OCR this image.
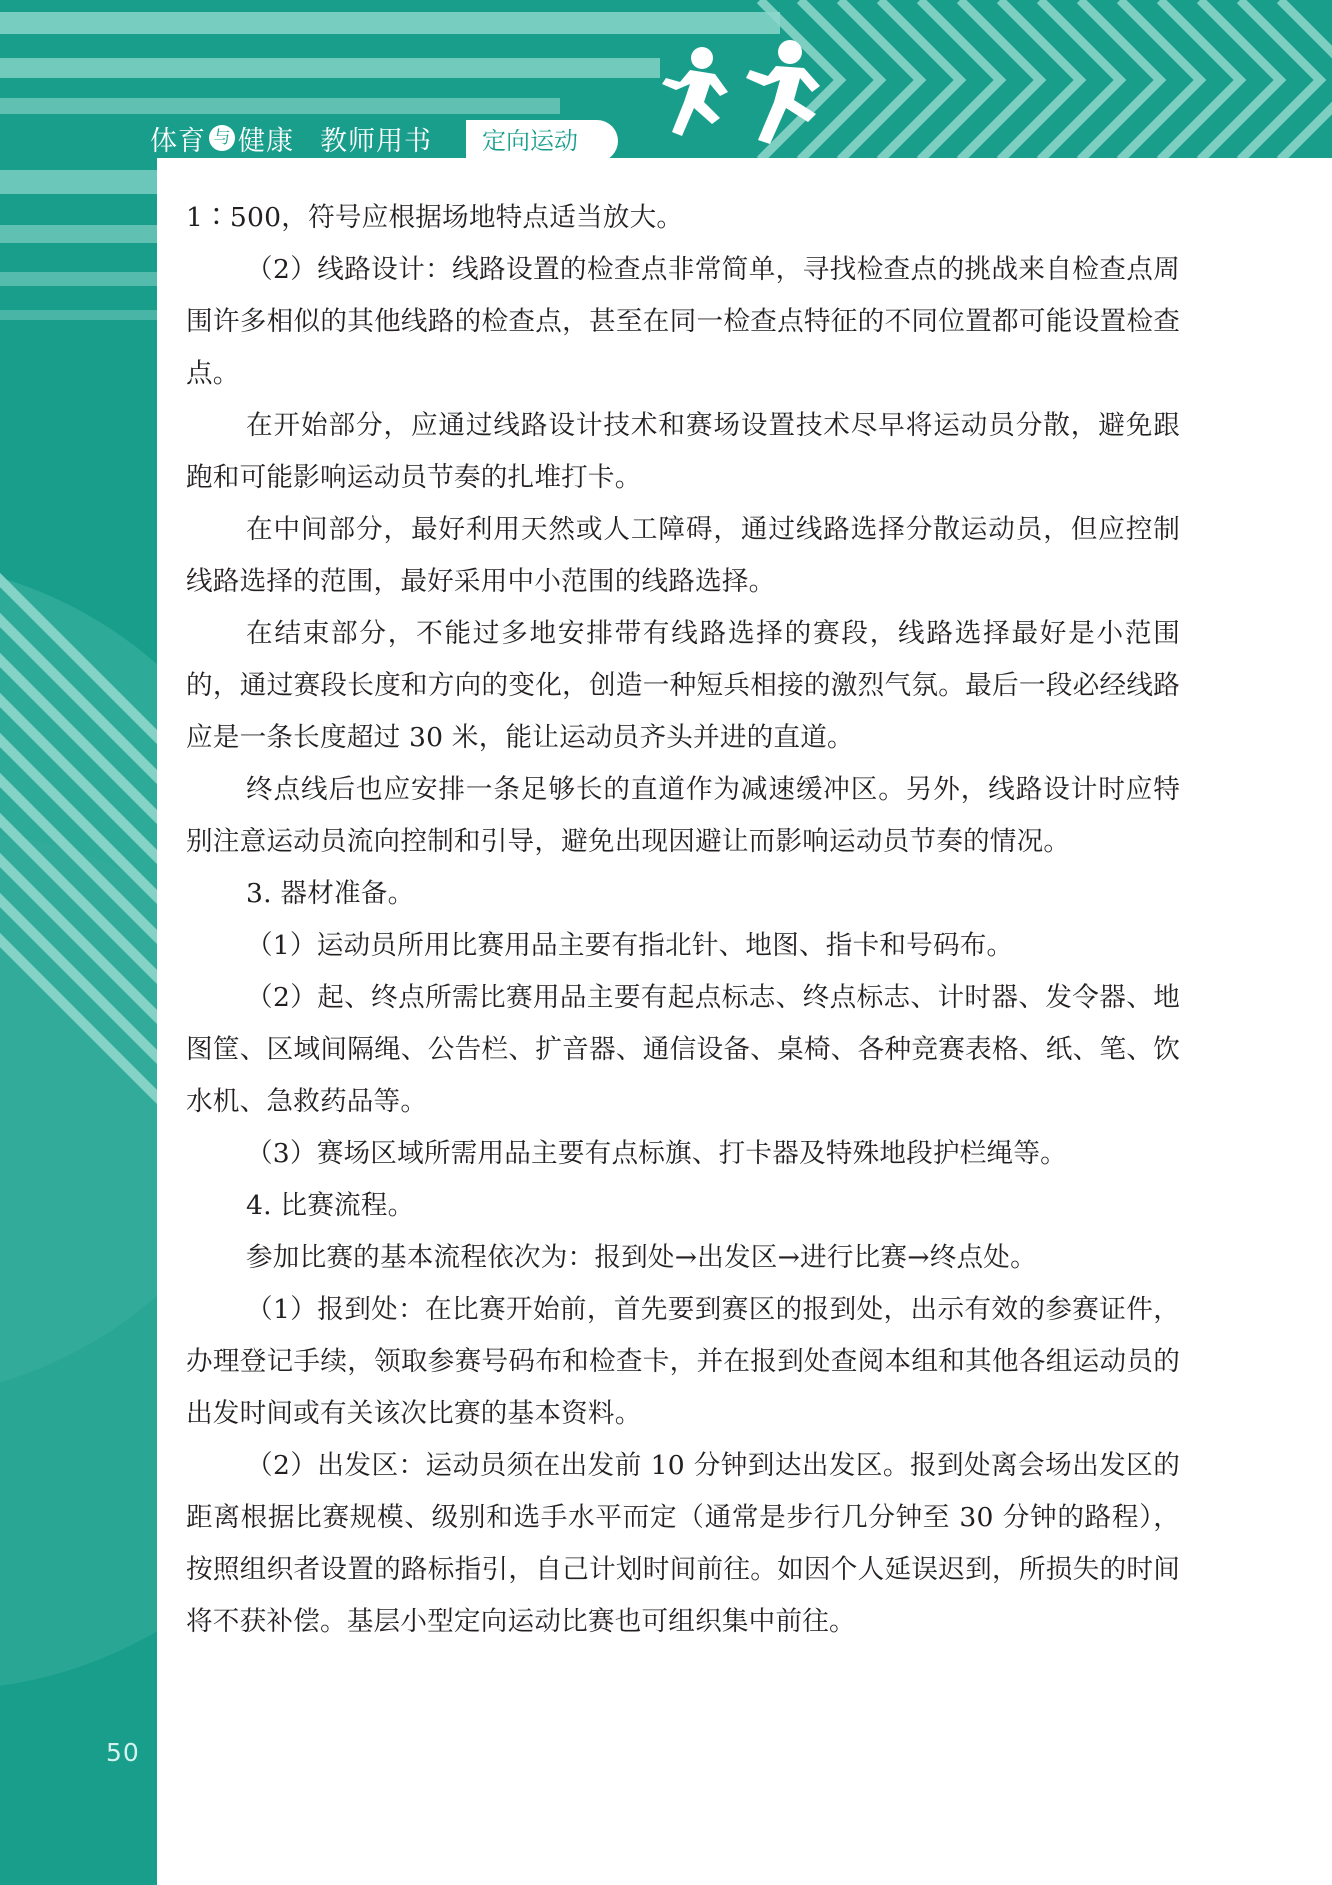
体育 与 健康 教师用书	定向运动

1∶500，符号应根据场地特点适当放大。

（2）线路设计：线路设置的检查点非常简单，寻找检查点的挑战来自检查点周围许多相似的其他线路的检查点，甚至在同一检查点特征的不同位置都可能设置检查点。

在开始部分，应通过线路设计技术和赛场设置技术尽早将运动员分散，避免跟跑和可能影响运动员节奏的扎堆打卡。

在中间部分，最好利用天然或人工障碍，通过线路选择分散运动员，但应控制线路选择的范围，最好采用中小范围的线路选择。

在结束部分，不能过多地安排带有线路选择的赛段，线路选择最好是小范围的，通过赛段长度和方向的变化，创造一种短兵相接的激烈气氛。最后一段必经线路应是一条长度超过 30 米，能让运动员齐头并进的直道。

终点线后也应安排一条足够长的直道作为减速缓冲区。另外，线路设计时应特别注意运动员流向控制和引导，避免出现因避让而影响运动员节奏的情况。

3. 器材准备。

（1）运动员所用比赛用品主要有指北针、地图、指卡和号码布。

（2）起、终点所需比赛用品主要有起点标志、终点标志、计时器、发令器、地图筐、区域间隔绳、公告栏、扩音器、通信设备、桌椅、各种竞赛表格、纸、笔、饮水机、急救药品等。

（3）赛场区域所需用品主要有点标旗、打卡器及特殊地段护栏绳等。

4. 比赛流程。

参加比赛的基本流程依次为：报到处→出发区→进行比赛→终点处。

（1）报到处：在比赛开始前，首先要到赛区的报到处，出示有效的参赛证件，办理登记手续，领取参赛号码布和检查卡，并在报到处查阅本组和其他各组运动员的出发时间或有关该次比赛的基本资料。

（2）出发区：运动员须在出发前 10 分钟到达出发区。报到处离会场出发区的距离根据比赛规模、级别和选手水平而定（通常是步行几分钟至 30 分钟的路程），按照组织者设置的路标指引，自己计划时间前往。如因个人延误迟到，所损失的时间将不获补偿。基层小型定向运动比赛也可组织集中前往。

50
